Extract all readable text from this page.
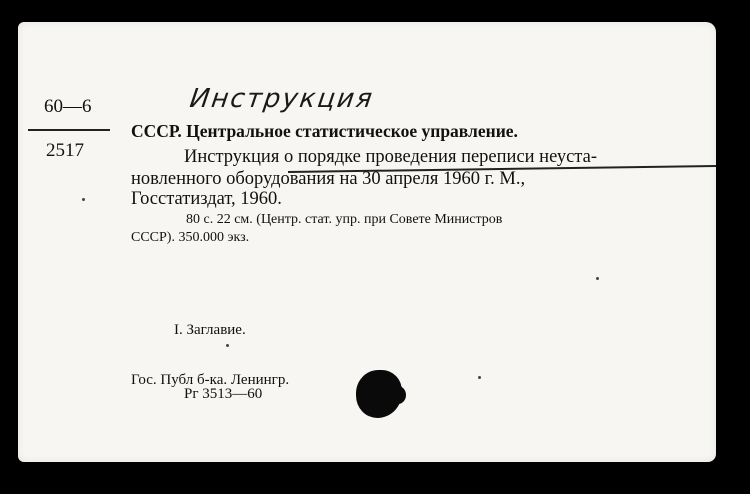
60—6
2517
Инструкция
СССР. Центральное статистическое управление.
Инструкция о порядке проведения переписи неуста-
новленного оборудования на 30 апреля 1960 г. М.,
Госстатиздат, 1960.
80 с. 22 см. (Центр. стат. упр. при Совете Министров
СССР). 350.000 экз.
I. Заглавие.
Гос. Публ б-ка. Ленингр.
Рг 3513—60
